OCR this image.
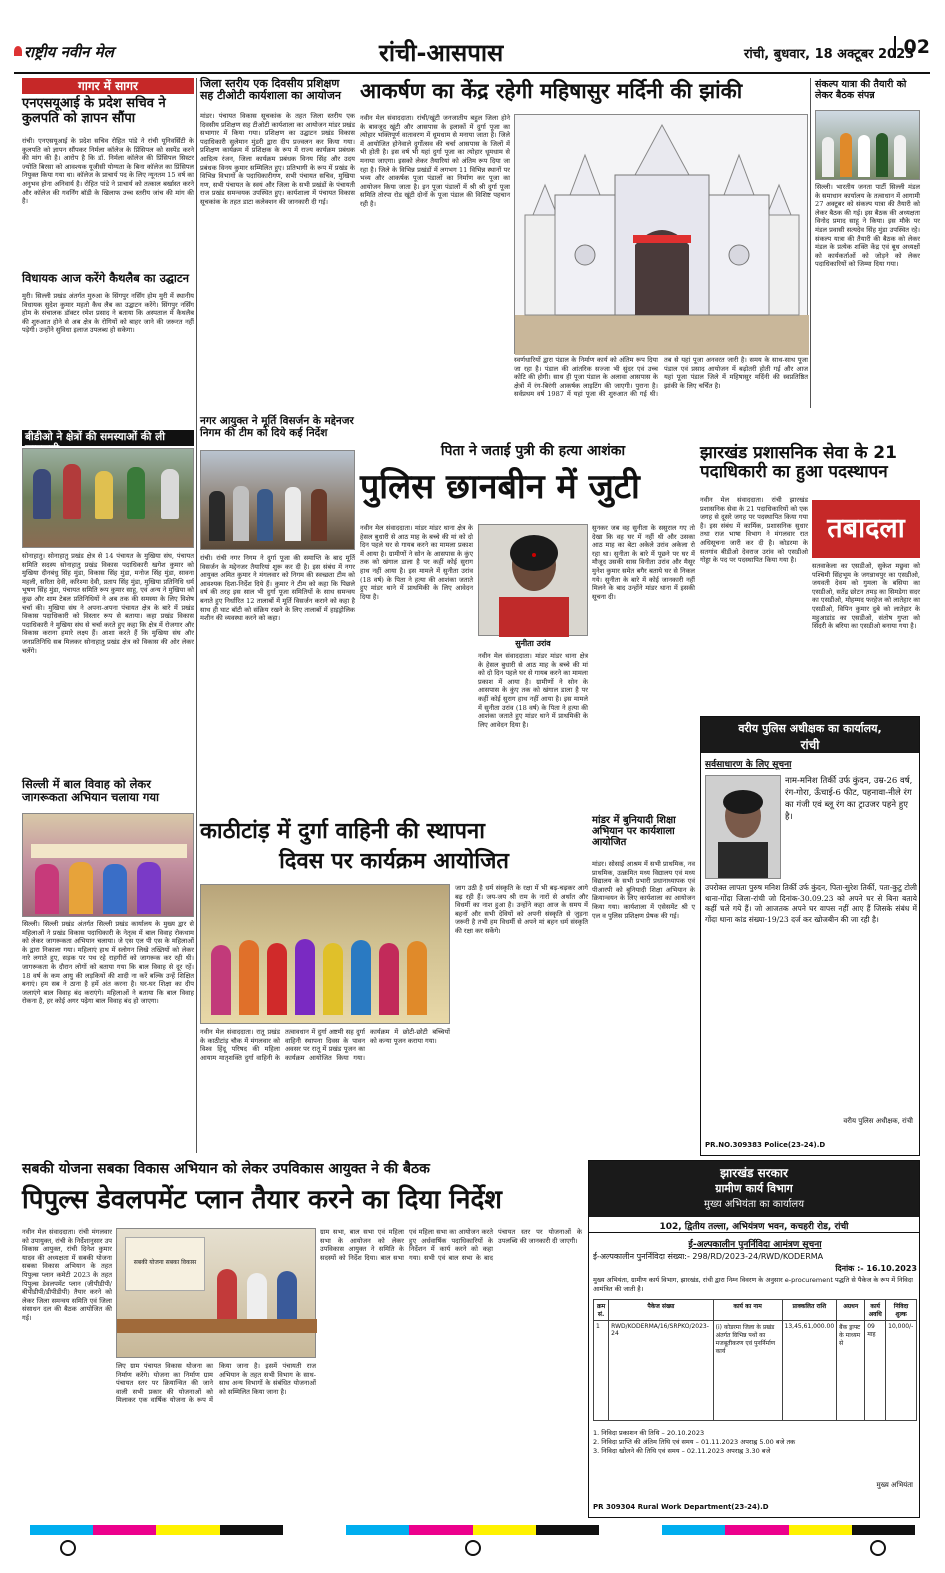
राष्ट्रीय नवीन मेल	रांची-आसपास	रांची, बुधवार, 18 अक्टूबर 2023
02
गागर में सागर
एनएसयूआई के प्रदेश सचिव ने कुलपति को ज्ञापन सौंपा
रांची। एनएसयूआई के प्रदेश सचिव रोहित पांडे ने रांची यूनिवर्सिटी के कुलपति को ज्ञापन सौंपकर निर्मला कॉलेज के प्रिंसिपल को सस्पेंड करने की मांग की है। आरोप है कि डॉ. निर्मला कॉलेज की प्रिंसिपल सिस्टर ज्योति बिरसा को आवश्यक यूजीसी योग्यता के बिना कॉलेज का प्रिंसिपल नियुक्त किया गया था। कॉलेज के प्राचार्य पद के लिए न्यूनतम 15 वर्ष का अनुभव होना अनिवार्य है। रोहित पांडे ने प्राचार्य को तत्काल बर्खास्त करने और कॉलेज की गवर्निंग बॉडी के खिलाफ उच्च स्तरीय जांच की मांग की है।
विधायक आज करेंगे कैथलैब का उद्घाटन
मुरी। सिल्ली प्रखंड अंतर्गत मुरुआ के सिंगपुर नर्सिंग होम मुरी में स्थानीय विधायक सुदेश कुमार महतो कैथ लैब का उद्घाटन करेंगे। सिंगपुर नर्सिंग होम के संचालक डॉक्टर रमेश प्रसाद ने बताया कि अस्पताल में कैथलैब की शुरुआत होने से अब क्षेत्र के रोगियों को बाहर जाने की जरूरत नहीं पड़ेगी। उन्होंने सुविधा इलाज उपलब्ध हो सकेगा।
बीडीओ ने क्षेत्रों की समस्याओं की ली
सोनाहातु। सोनाहातु प्रखंड क्षेत्र से 14 पंचायत के मुखिया संघ, पंचायत समिति सदस्य सोनाहातु प्रखंड विकास पदाधिकारी खगेश कुमार को मुखिया दीनबंधु सिंह मुंडा, विकास सिंह मुंडा, मनोज सिंह मुंडा, सावना महली, सरिता देवी, करिश्मा देवी, प्रताप सिंह मुंडा, मुखिया प्रतिनिधि धर्म भूषण सिंह मुंडा, पंचायत समिति रूप कुमार साहू, एवं अन्य ने मुखिया को कुछ और शाम टेबल प्रतिनिधियों ने अब तक की समस्या के लिए विशेष चर्चा की। मुखिया संघ ने अपना-अपना पंचायत क्षेत्र के बारे में प्रखंड विकास पदाधिकारी को विस्तार रूप से बताया। कहा प्रखंड विकास पदाधिकारी ने मुखिया संघ से चर्चा करते हुए कहा कि क्षेत्र में रोजगार और विकास कराना हमारे लक्ष्य हैं। आशा करते हैं कि मुखिया संघ और जनप्रतिनिधि सब मिलकर सोनाहातु प्रखंड क्षेत्र को विकास की ओर लेकर चलेंगे।
सिल्ली में बाल विवाह को लेकर जागरूकता अभियान चलाया गया
सिल्ली। सिल्ली प्रखंड अंतर्गत सिल्ली प्रखंड कार्यालय के मुख्य द्वार से महिलाओं ने प्रखंड विकास पदाधिकारी के नेतृत्व में बाल विवाह रोकथाम को लेकर जागरूकता अभियान चलाया। जे एस एल पी एस के महिलाओं के द्वारा निकाला गया। महिलाएं हाथ में स्लोगन लिखे तख्तियों को लेकर नारे लगाते हुए, सड़क पर पथ रहे राहगीरों को जागरूक कर रही थी। जागरूकता के दौरान लोगों को बताया गया कि बाल विवाह से दूर रहें। 18 वर्ष के कम आयु की लड़कियों की शादी ना करें बल्कि उन्हें शिक्षित बनाएं। हम सब ने ठाना है हमें अंत करना है। घर-घर शिक्षा का दीप जलाएंगे बाल विवाह बंद कराएंगे। महिलाओं ने बताया कि बाल विवाह रोकना है, हर कोई अगर पढ़ेगा बाल विवाह बंद हो जाएगा।
जिला स्तरीय एक दिवसीय प्रशिक्षण सह टीओटी कार्यशाला का आयोजन
मांडर। पंचायत विकास सूचकांक के तहत जिला स्तरीय एक दिवसीय प्रशिक्षण सह टीओटी कार्यशाला का आयोजन मांडर प्रखंड सभागार में किया गया। प्रशिक्षण का उद्घाटन प्रखंड विकास पदाधिकारी सुलेमान मुंडरी द्वारा दीप प्रज्वलन कर किया गया। प्रशिक्षण कार्यक्रम में प्रशिक्षक के रूप में राज्य कार्यक्रम प्रबंधक आदित्य रंजन, जिला कार्यक्रम प्रबंधक विनय सिंह और उदय प्रबंधक विनय कुमार सम्मिलित हुए। प्रतिभागी के रूप में प्रखंड के विभिन्न विभागों के पदाधिकारीगण, सभी पंचायत सचिव, मुखिया गण, सभी पंचायत के स्वयं और जिला के सभी प्रखंडों के पंचायती राज प्रखंड समन्वयक उपस्थित हुए। कार्यशाला में पंचायत विकास सूचकांक के तहत डाटा कलेक्शन की जानकारी दी गई।
नगर आयुक्त ने मूर्ति विसर्जन के मद्देनजर निगम की टीम को दिये कई निर्देश
रांची। रांची नगर निगम ने दुर्गा पूजा की समाप्ति के बाद मूर्ति विसर्जन के मद्देनजर तैयारियां शुरू कर दी है। इस संबंध में नगर आयुक्त अमित कुमार ने मंगलवार को निगम की स्वच्छता टीम को आवश्यक दिशा-निर्देश दिये हैं। कुमार ने टीम को कहा कि पिछले वर्ष की तरह इस साल भी दुर्गा पूजा समितियों के साथ समन्वय बनाते हुए निर्धारित 12 तालाबों में मूर्ति विसर्जन कराने को कहा है साथ ही घाट बॉटी को संक्रिय रखने के लिए तालाबों में हाइड्रोलिक मशीन की व्यवस्था करने को कहा।
आकर्षण का केंद्र रहेगी महिषासुर मर्दिनी की झांकी
नवीन मेल संवाददाता। रांची/खूंटी जनजातीय बहुल जिला होने के बावजूद खूंटी और आसपास के इलाकों में दुर्गा पूजा का त्योहार भक्तिपूर्ण वातावरण में धूमधाम से मनाया जाता है। जिले में आयोजित होनेवाले दुर्गोत्सव की चर्चा आसपास के जिलों में भी होती है। इस वर्ष भी यहां दुर्गा पूजा का त्योहार धूमधाम से मनाया जाएगा। इसको लेकर तैयारियां को अंतिम रूप दिया जा रहा है। जिले के विभिन्न प्रखंडों में लगभग 11 विभिन्न स्थानों पर भव्य और आकर्षक पूजा पंडालों का निर्माण कर पूजा का आयोजन किया जाता है। इन पूजा पंडालों में श्री श्री दुर्गा पूजा समिति तोरपा रोड खूंटी दोनों के पूजा पंडाल की विशिष्ट पहचान रही है।
स्वर्णधारियों द्वारा पंडाल के निर्माण कार्य को अंतिम रूप दिया जा रहा है। पंडाल की आंतरिक सज्जा भी सुंदर एवं उच्च कोटि की होगी। साथ ही पूजा पंडाल के अलावा आसपास के क्षेत्रों में रंग-बिरंगी आकर्षक लाइटिंग की जाएगी। पुराना है। सर्वप्रथम वर्ष 1987 में यहां पूजा की शुरुआत की गई थी। तब से यहां पूजा अनवरत जारी है। समय के साथ-साथ पूजा पंडाल एवं प्रसाद आयोजन में बढ़ोतरी होती गई और आज यहां पूजा पंडाल जिले में महिषासुर मर्दिनी की स्वप्रतिष्ठित झांकी के लिए चर्चित है।
संकल्प यात्रा की तैयारी को लेकर बैठक संपन्न
सिल्ली। भारतीय जनता पार्टी सिल्ली मंडल के समाधान कार्यालय के तत्वाधान में आगामी 27 अक्टूबर को संकल्प यात्रा की तैयारी को लेकर बैठक की गई। इस बैठक की अध्यक्षता विनोद प्रमाद साहू ने किया। इस मौके पर मंडल प्रवासी सत्यदेव सिंह मुंडा उपस्थित रहे। संकल्प यात्रा की तैयारी की बैठक को लेकर मंडल के प्रत्येक शक्ति केंद्र एवं बूथ अध्यक्षों को कार्यकर्ताओं को जोड़ने को लेकर पदाधिकारियों को जिम्मा दिया गया।
पिता ने जताई पुत्री की हत्या आशंका
पुलिस छानबीन में जुटी
नवीन मेल संवाददाता। मांडर मांडर थाना क्षेत्र के हेसल बुधारी से आठ माह के बच्चे की मां को दो दिन पहले घर से गायब करने का मामला प्रकाश में आया है। ग्रामीणों ने सोन के आसपास के कुंए तक को खंगाल डाला है पर कहीं कोई सुराग हाथ नहीं आया है। इस मामले में सुनीता उरांव (18 वर्ष) के पिता ने हत्या की आशंका जताते हुए मांडर थाने में प्राथमिकी के लिए आवेदन दिया है।
सुनीता उरांव
नवीन मेल संवाददाता। मांडर मांडर थाना क्षेत्र के हेसल बुधारी से आठ माह के बच्चे की मां को दो दिन पहले घर से गायब करने का मामला प्रकाश में आया है। ग्रामीणों ने सोन के आसपास के कुंए तक को खंगाल डाला है पर कहीं कोई सुराग हाथ नहीं आया है। इस मामले में सुनीता उरांव (18 वर्ष) के पिता ने हत्या की आशंका जताते हुए मांडर थाने में प्राथमिकी के लिए आवेदन दिया है।
सुनकर जब वह सुनीता के ससुराल गए तो देखा कि वह घर में नहीं थी और उसका आठ माह का बेटा अकेले उरांव अकेला रो रहा था। सुनीता के बारे में पूछने पर घर में मौजूद उसकी सास विनीता उरांव और मैसूर मुनेश कुमार समेत बगैर बताये घर से निकल गये। सुनीता के बारे में कोई जानकारी नहीं मिलने के बाद उन्होंने मांडर थाना में इसकी सूचना दी।
झारखंड प्रशासनिक सेवा के 21 पदाधिकारी का हुआ पदस्थापन
नवीन मेल संवाददाता। रांची झारखंड प्रशासनिक सेवा के 21 पदाधिकारियों को एक जगह से दूसरे जगह पर पदस्थापित किया गया है। इस संबंध में कार्मिक, प्रशासनिक सुधार तथा राज भाषा विभाग ने मंगलवार रात अधिसूचना जारी कर दी है। कोडरमा के सतगांव बीडीओ देवराज उरांव को एसडीओ गोड्डा के पद पर पदस्थापित किया गया है।
तबादला
सतवाकेला का एसडीओ, सुकेश मछुवा को पश्चिमी सिंहभूम के जगन्नाथपुर का एसडीओ, जयवती देवम को गुमला के बसिया का एसडीओ, सतेंद्र छोटन तमड़ का सिमडेगा सदर का एसडीओ, मोहम्मद फरहेज को लातेहार का एसडीओ, विपिन कुमार दुबे को लातेहार के महुआडांड का एसडीओ, संतोष गुप्ता को सिंदरी के बरिया का एसडीओ बनाया गया है।
मांडर में बुनियादी शिक्षा अभियान पर कार्यशाला आयोजित
मांडर। सोसाईं आश्रम में सभी प्राथमिक, नव प्राथमिक, उत्क्रमित मध्य विद्यालय एवं मध्य विद्यालय के सभी प्रभारी प्रधानाध्यापक एवं पीआरपी को बुनियादी शिक्षा अभियान के क्रियान्वयन के लिए कार्यशाला का आयोजन किया गया। कार्यशाला में एसेसमेंट श्री ए एल व पुलिस प्रशिक्षण प्रेषक की गई।
काठीटांड़ में दुर्गा वाहिनी की स्थापना
दिवस पर कार्यक्रम आयोजित
नवीन मेल संवाददाता। रातू प्रखंड के काठीटांड़ चौक में मंगलवार को विश्व हिंदू परिषद की महिला आयाम मातृशक्ति दुर्गा वाहिनी के तत्वावधान में दुर्गा अष्टमी सह दुर्गा वाहिनी स्थापना दिवस के पावन अवसर पर रातू में प्रखंड पूजन का कार्यक्रम आयोजित किया गया। कार्यक्रम में छोटी-छोटी बच्चियों को कन्या पूजन कराया गया।
जाग उठी है धर्म संस्कृति के रक्षा में भी बढ़-चढ़कर आगे बढ़ रही हैं। जय-जय श्री राम के नारों से अर्थात और विधर्मी का नाश हुआ है। उन्होंने कहा आज के समय में बहनों और सभी देवियों को अपनी संस्कृति से जुड़ना जरूरी है तभी हम विधर्मी से अपने मां बहन धर्म संस्कृति की रक्षा कर सकेंगे।
वरीय पुलिस अधीक्षक का कार्यालय,
रांची
सर्वसाधारण के लिए सूचना
नाम-मनिश तिर्की उर्फ कुंदन, उम्र-26 वर्ष, रंग-गोरा, ऊँचाई-6 फीट, पहनावा-नीले रंग का गंजी एवं ब्लू रंग का ट्राउजर पहने हुए है।
उपरोक्त लापता पुरुष मनिश तिर्की उर्फ कुंदन, पिता-सुरेश तिर्की, पता-कुटु टोली थाना-गोंदा जिला-रांची जो दिनांक-30.09.23 को अपने घर से बिना बताये कहीं चले गये हैं। जो आजतक अपने घर वापस नहीं आए हैं जिसके संबंध में गोंदा थाना कांड संख्या-19/23 दर्ज कर खोजबीन की जा रही है।
वरीय पुलिस अधीक्षक, रांची
PR.NO.309383 Police(23-24).D
सबकी योजना सबका विकास अभियान को लेकर उपविकास आयुक्त ने की बैठक
पिपुल्स डेवलपमेंट प्लान तैयार करने का दिया निर्देश
नवीन मेल संवाददाता। रांची मंगलवार को उपायुक्त, रांची के निर्देशानुसार उप विकास आयुक्त, रांची दिनेश कुमार यादव की अध्यक्षता में सबकी योजना सबका विकास अभियान के तहत पिपुल्स प्लान कमेटी 2023 के तहत पिपुल्स डेवलपमेंट प्लान (जीपीडीपी/बीपीडीपी/डीपीडीपी) तैयार करने को लेकर जिला समन्वय समिति एवं जिला संसाधन दल की बैठक आयोजित की गई।
सबकी योजना सबका विकास
लिए ग्राम पंचायत विकास योजना का निर्माण करेंगे। योजना का निर्माण ग्राम पंचायत स्तर पर क्रियान्वित की जाने वाली सभी प्रकार की योजनाओं को मिलाकर एक वार्षिक योजना के रूप में किया जाना है। इसमें पंचायती राज अभियान के तहत सभी विभाग के साथ-साथ अन्य विभागों के संबंधित योजनाओं को सम्मिलित किया जाना है।
ग्राम सभा, बाल सभा एवं महिला सभा के आयोजन को लेकर उपविकास आयुक्त ने समिति के सदस्यों को निर्देश दिया। बाल सभा एवं महिला सभा का आयोजन करते हुए अर्धवार्षिक पदाधिकारियों के निर्देशन में कार्य करने को कहा गया। सभी एवं बाल सभा के बाद पंचायत स्तर पर योजनाओं के उपलब्धि की जानकारी दी जाएगी।
झारखंड सरकार
ग्रामीण कार्य विभाग
मुख्य अभियंता का कार्यालय
102, द्वितीय तल्ला, अभियंत्रण भवन, कचहरी रोड, रांची
ई-अल्पकालीन पुनर्निविदा आमंत्रण सूचना
ई-अल्पकालीन पुनर्निविदा संख्या:- 298/RD/2023-24/RWD/KODERMA
दिनांक :- 16.10.2023
मुख्य अभियंता, ग्रामीण कार्य विभाग, झारखंड, रांची द्वारा निम्न विवरण के अनुसार e-procurement पद्धति से पैकेज के रूप में निविदा आमंत्रित की जाती है।
क्रम सं.	पैकेज संख्या	कार्य का नाम	प्राक्कलित राशि	अग्रधन	कार्य अवधि	निविदा शुल्क
1	RWD/KODERMA/16/SRPKO/2023-24	(i) कोडरमा जिला के प्रखंड अंतर्गत विभिन्न पथों का मजबूतीकरण एवं पुनर्निर्माण कार्य	13,45,61,000.00	बैंक ड्राफ्ट के माध्यम से	09 माह	10,000/-
1. निविदा प्रकाशन की तिथि – 20.10.2023
2. निविदा प्राप्ति की अंतिम तिथि एवं समय – 01.11.2023 अपराह्न 5.00 बजे तक
3. निविदा खोलने की तिथि एवं समय – 02.11.2023 अपराह्न 3.30 बजे
मुख्य अभियंता
PR 309304 Rural Work Department(23-24).D
